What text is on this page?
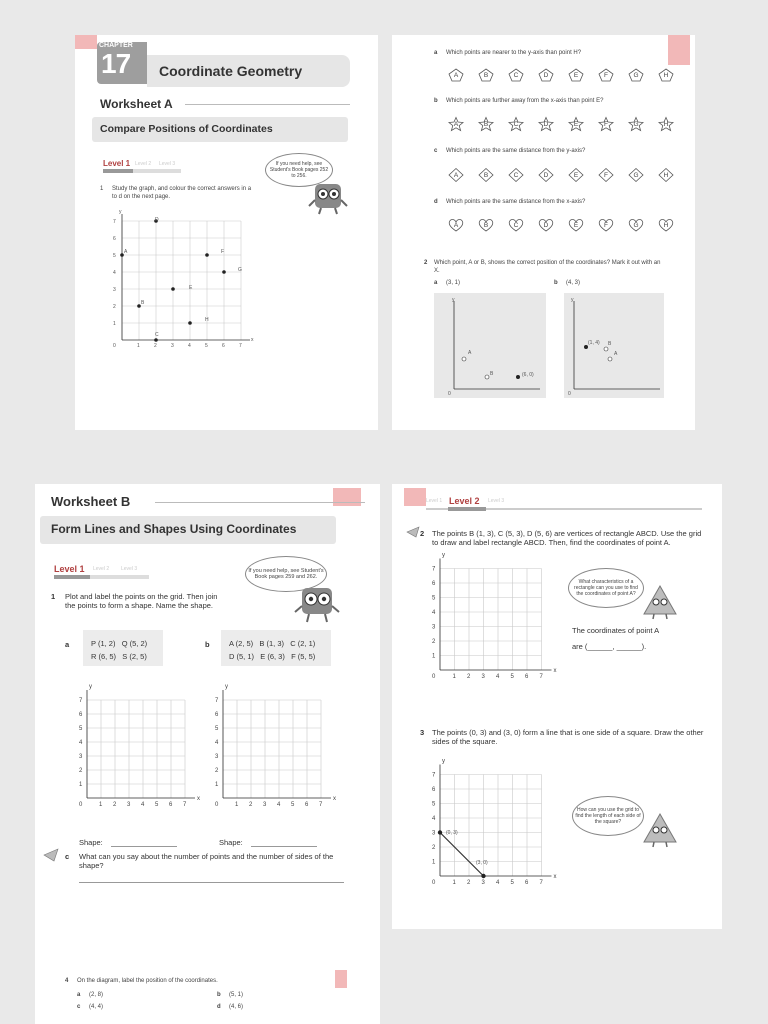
CHAPTER
17 Coordinate Geometry
Worksheet A
Compare Positions of Coordinates
Level 1 Level 2 Level 3	If you need help, see Student's Book pages 252 to 256.
1 Study the graph, and colour the correct answers in a to d on the next page.
y
x
0
7
6
5
4
3
2
1
1	2	3	4	5	6	7
A
B
C
D
E
F
G
H
a Which points are nearer to the y-axis than point H?
b Which points are further away from the x-axis than point E?
c Which points are the same distance from the y-axis?
d Which points are the same distance from the x-axis?
2 Which point, A or B, shows the correct position of the coordinates? Mark it out with an X.
a (3, 1)	b (4, 3)
y
0
A
B	(6, 0)
y
0
(1, 4) B
A
A	B	C	D	E	F	G	H
A	B	C	D	E	F	G	H
A	B	C	D	E	F	G	H
A	B	C	D	E	F	G	H
Worksheet B
Form Lines and Shapes Using Coordinates
Level 1 Level 2 Level 3	If you need help, see Student's Book pages 259 and 262.
1 Plot and label the points on the grid. Then join the points to form a shape. Name the shape.
a	P (1, 2)   Q (5, 2)
R (6, 5)   S (2, 5)
b	A (2, 5)   B (1, 3)   C (2, 1)
D (5, 1)   E (6, 3)   F (5, 5)
0	1
1
2
2
3
3
4
4
5
5
6
6
7
7
x
y
0	1
1
2
2
3
3
4
4
5
5
6
6
7
7
x
y
Shape:	Shape:
c What can you say about the number of points and the number of sides of the shape?
4 On the diagram, label the position of the coordinates.
a (2, 8)	b (5, 1)
c (4, 4)	d (4, 6)
Level 1 Level 2 Level 3
2 The points B (1, 3), C (5, 3), D (5, 6) are vertices of rectangle ABCD. Use the grid to draw and label rectangle ABCD. Then, find the coordinates of point A.
0	1
1
2
2
3
3
4
4
5
5
6
6
7
7
x
y
What characteristics of a rectangle can you use to find the coordinates of point A?
The coordinates of point A
are (______, ______).
3 The points (0, 3) and (3, 0) form a line that is one side of a square. Draw the other sides of the square.
0	1
1
2
2
3
3
4
4
5
5
6
6
7
7
x
y
(0, 3)
(3, 0)
How can you use the grid to find the length of each side of the square?
